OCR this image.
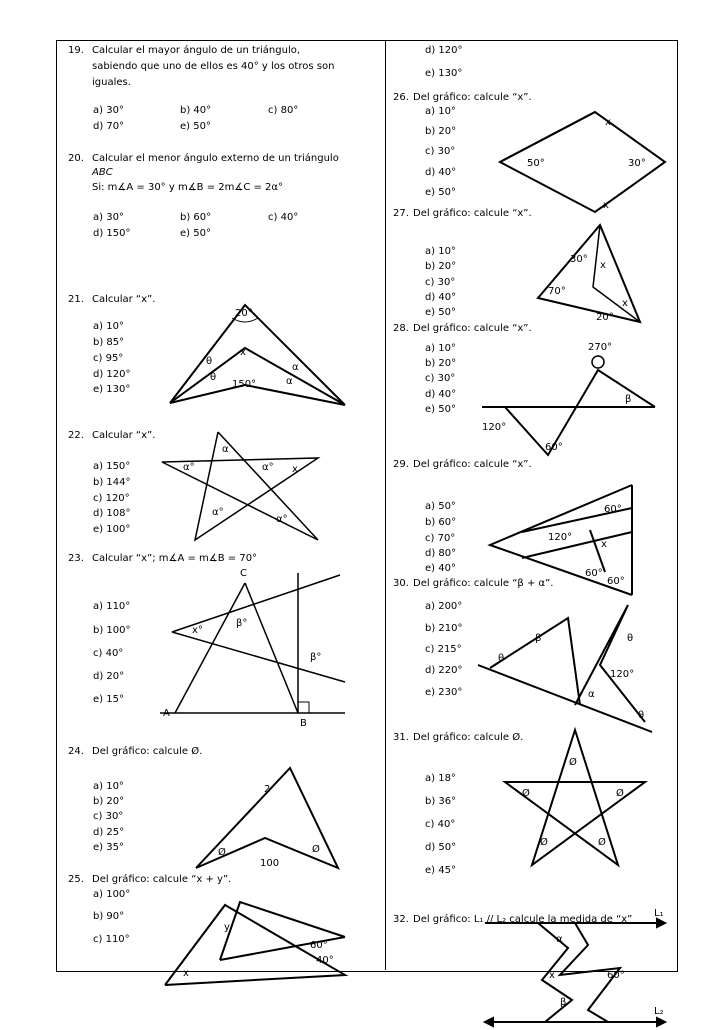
19. Calcular el mayor ángulo de un triángulo,
sabiendo que uno de ellos es 40° y los otros son
iguales.
a) 30°	b) 40°	c) 80°
d) 70°	e) 50°
20. Calcular el menor ángulo externo de un triángulo
ABC
Si: m∡A = 30° y m∡B = 2m∡C = 2α°
a) 30°	b) 60°	c) 40°
d) 150°	e) 50°
21. Calcular “x”.
a) 10°
b) 85°
c) 95°
d) 120°
e) 130°
22. Calcular “x”.
a) 150°
b) 144°
c) 120°
d) 108°
e) 100°
23. Calcular “x”; m∡A = m∡B = 70°
a) 110°
b) 100°
c) 40°
d) 20°
e) 15°
24. Del gráfico: calcule Ø.
a) 10°
b) 20°
c) 30°
d) 25°
e) 35°
25. Del gráfico: calcule “x + y”.
a) 100°
b) 90°
c) 110°
d) 120°
e) 130°
26. Del gráfico: calcule “x”.
a) 10°
b) 20°
c) 30°
d) 40°
e) 50°
27. Del gráfico: calcule “x”.
a) 10°
b) 20°
c) 30°
d) 40°
e) 50°
28. Del gráfico: calcule “x”.
a) 10°
b) 20°
c) 30°
d) 40°
e) 50°
29. Del gráfico: calcule “x”.
a) 50°
b) 60°
c) 70°
d) 80°
e) 40°
30. Del gráfico: calcule “β + α”.
a) 200°
b) 210°
c) 215°
d) 220°
e) 230°
31. Del gráfico: calcule Ø.
a) 18°
b) 36°
c) 40°
d) 50°
e) 45°
32. Del gráfico: L₁ // L₂ calcule la medida de “x”
20°
x
θ
θ
α
α
150°
α
α°	α° x
α°
α°
C
A
B
x°
β°
β°
2
Ø	Ø
100
y
x
60°
40°
x
50°	30°
x
30°
x
70°
x
20°
270°
β
120°
60°
60°
120°
x
60°
60°
β
θ
θ
120°
α
θ
Ø
Ø	Ø
Ø	Ø
L₁
α
x	60°
β
L₂
